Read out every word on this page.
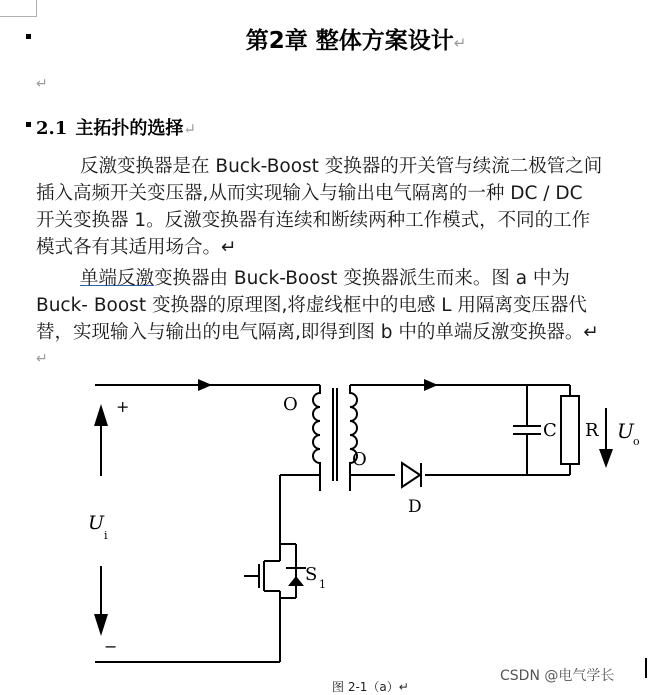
第2章 整体方案设计↵
↵
2.1 主拓扑的选择↵
反激变换器是在 Buck-Boost 变换器的开关管与续流二极管之间
插入高频开关变压器,从而实现输入与输出电气隔离的一种 DC / DC
开关变换器 1。反激变换器有连续和断续两种工作模式，不同的工作
模式各有其适用场合。↵
单端反激变换器由 Buck-Boost 变换器派生而来。图 a 中为
Buck- Boost 变换器的原理图,将虚线框中的电感 L 用隔离变压器代
替，实现输入与输出的电气隔离,即得到图 b 中的单端反激变换器。↵
↵
+
−
U
i
O
O
C R U o
D
S 1
CSDN @电气学长
图 2-1（a）↵
